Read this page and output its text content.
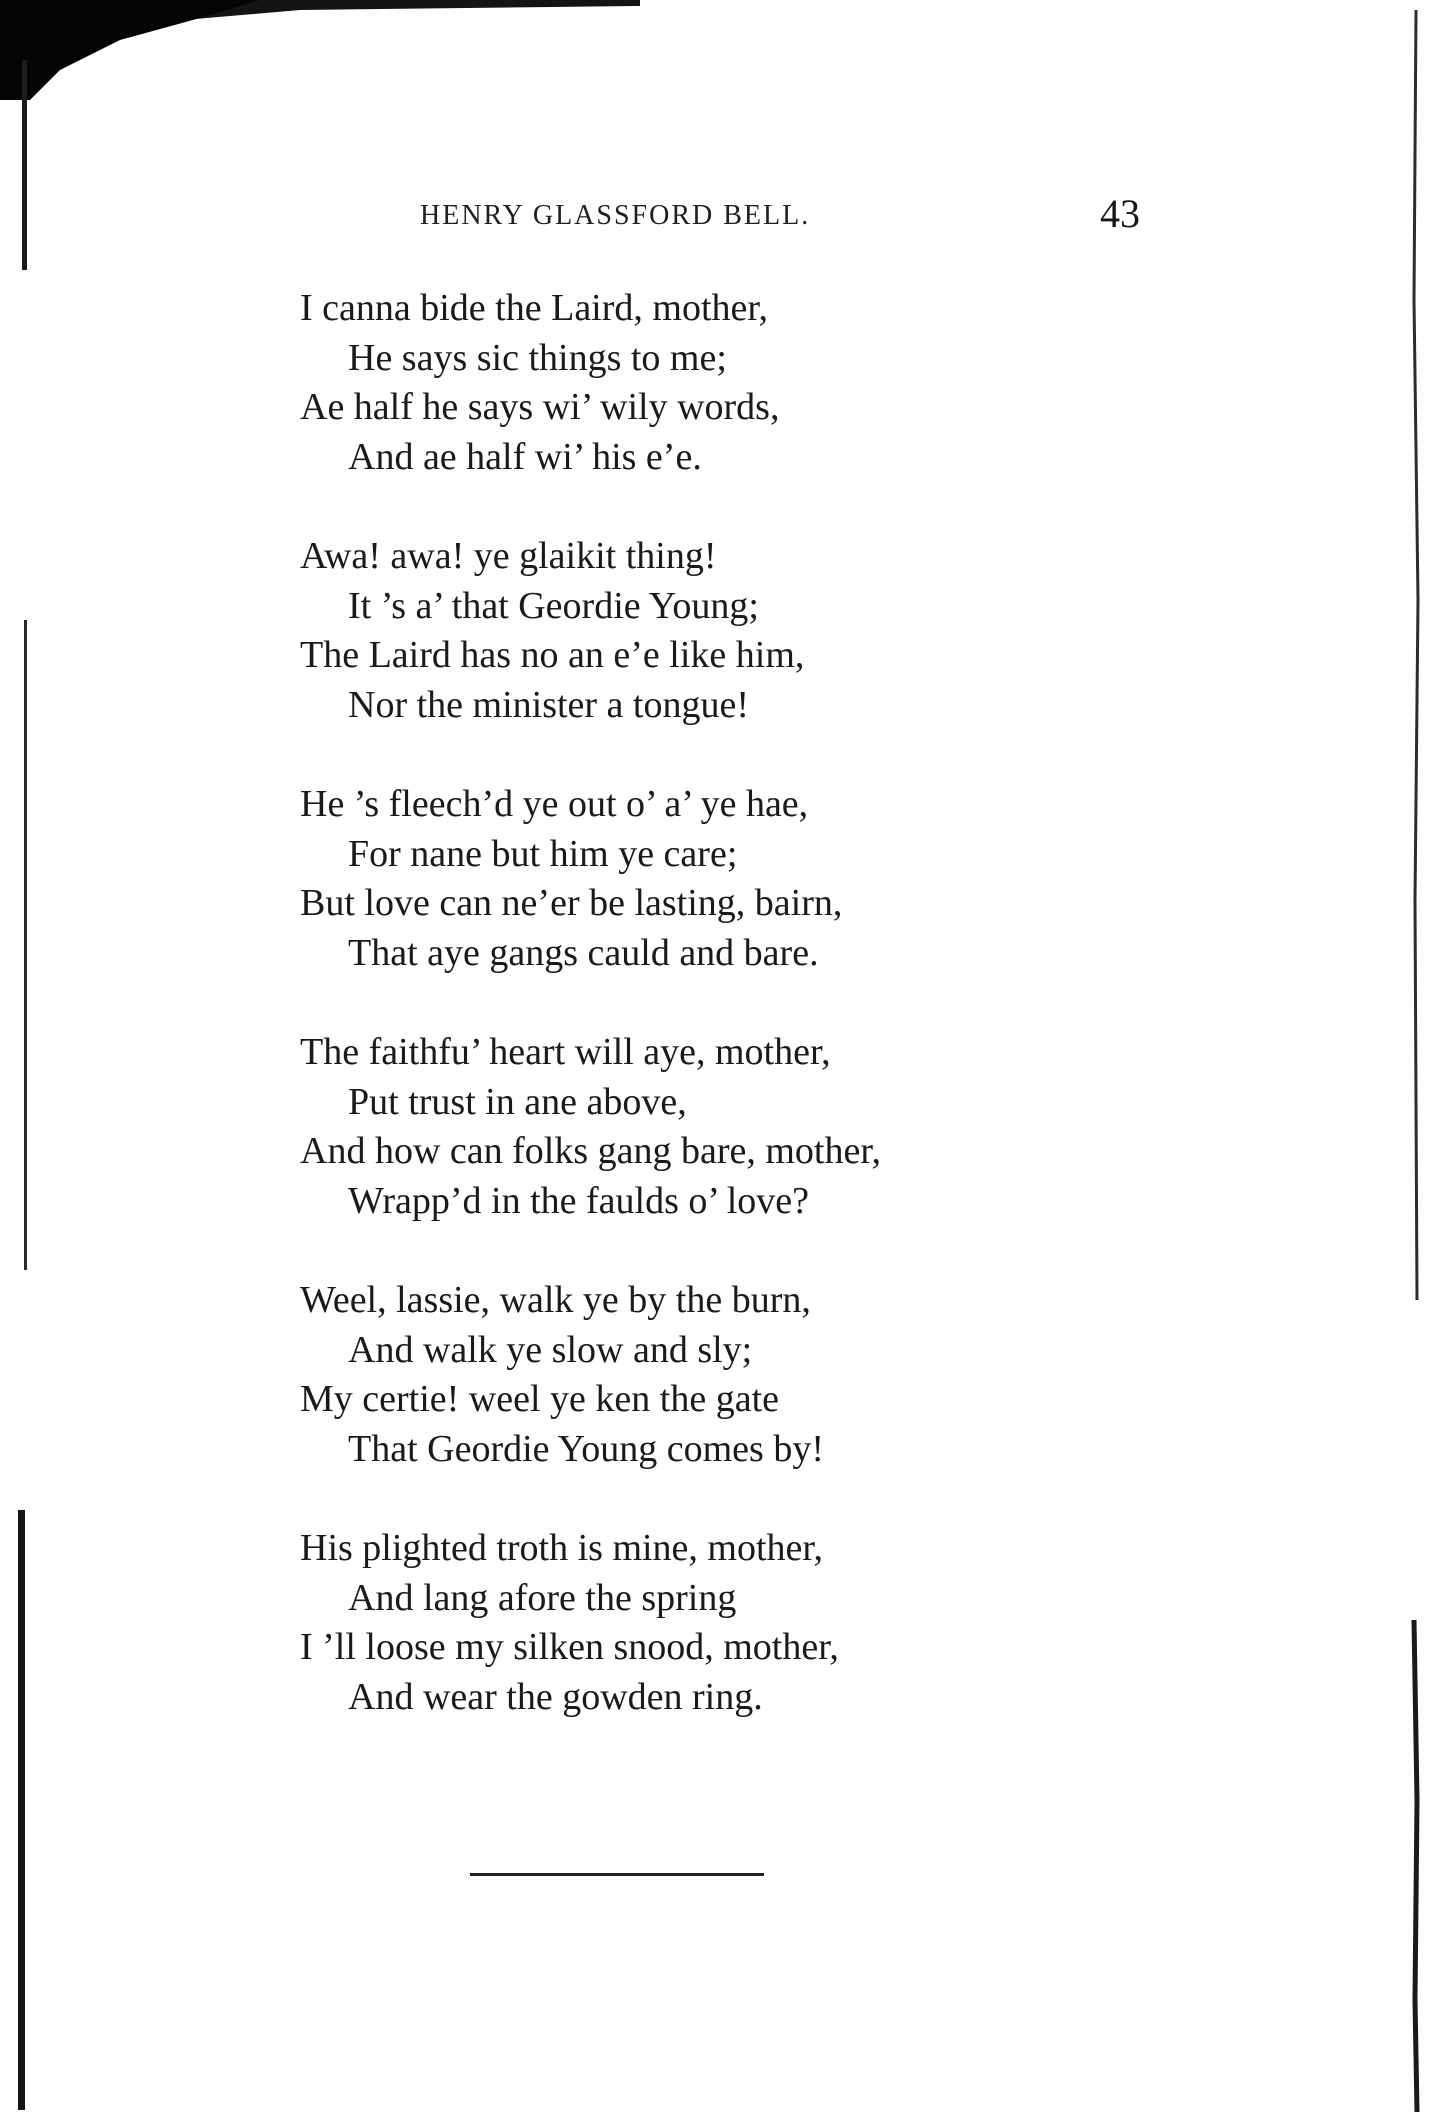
HENRY GLASSFORD BELL.	43
I canna bide the Laird, mother,
He says sic things to me;
Ae half he says wi’ wily words,
And ae half wi’ his e’e.
Awa! awa! ye glaikit thing!
It ’s a’ that Geordie Young;
The Laird has no an e’e like him,
Nor the minister a tongue!
He ’s fleech’d ye out o’ a’ ye hae,
For nane but him ye care;
But love can ne’er be lasting, bairn,
That aye gangs cauld and bare.
The faithfu’ heart will aye, mother,
Put trust in ane above,
And how can folks gang bare, mother,
Wrapp’d in the faulds o’ love?
Weel, lassie, walk ye by the burn,
And walk ye slow and sly;
My certie! weel ye ken the gate
That Geordie Young comes by!
His plighted troth is mine, mother,
And lang afore the spring
I ’ll loose my silken snood, mother,
And wear the gowden ring.
